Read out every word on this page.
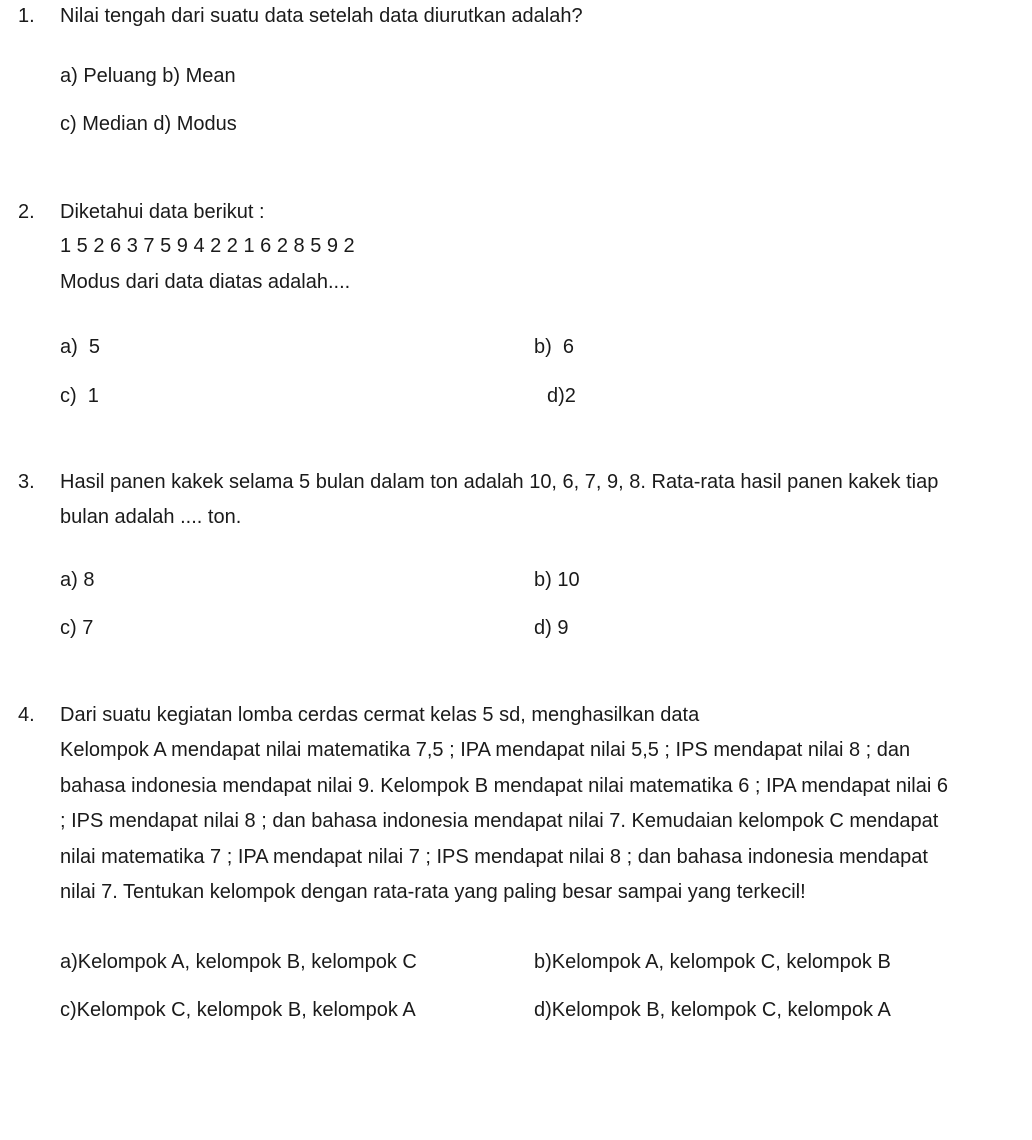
1. Nilai tengah dari suatu data setelah data diurutkan adalah?
a) Peluang b) Mean
c) Median d) Modus
2. Diketahui data berikut :
1 5 2 6 3 7 5 9 4 2 2 1 6 2 8 5 9 2
Modus dari data diatas adalah....
a)  5	b)  6
c)  1	d)2
3. Hasil panen kakek selama 5 bulan dalam ton adalah 10, 6, 7, 9, 8. Rata-rata hasil panen kakek tiap
bulan adalah .... ton.
a) 8	b) 10
c) 7	d) 9
4. Dari suatu kegiatan lomba cerdas cermat kelas 5 sd, menghasilkan data
Kelompok A mendapat nilai matematika 7,5 ; IPA mendapat nilai 5,5 ; IPS mendapat nilai 8 ; dan
bahasa indonesia mendapat nilai 9. Kelompok B mendapat nilai matematika 6 ; IPA mendapat nilai 6
; IPS mendapat nilai 8 ; dan bahasa indonesia mendapat nilai 7. Kemudaian kelompok C mendapat
nilai matematika 7 ; IPA mendapat nilai 7 ; IPS mendapat nilai 8 ; dan bahasa indonesia mendapat
nilai 7. Tentukan kelompok dengan rata-rata yang paling besar sampai yang terkecil!
a)Kelompok A, kelompok B, kelompok C	b)Kelompok A, kelompok C, kelompok B
c)Kelompok C, kelompok B, kelompok A	d)Kelompok B, kelompok C, kelompok A
